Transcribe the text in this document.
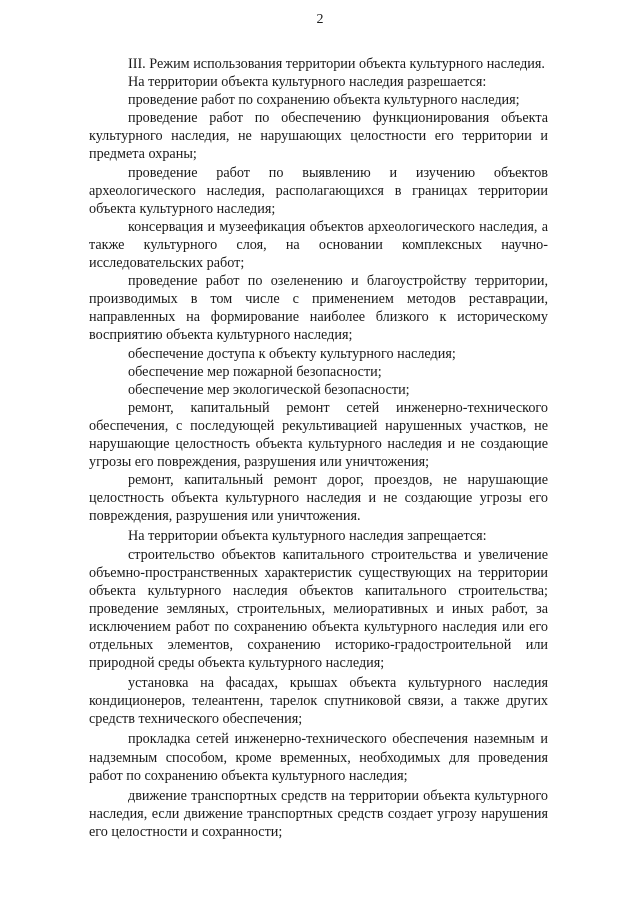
2

III. Режим использования территории объекта культурного наследия.

На территории объекта культурного наследия разрешается:

проведение работ по сохранению объекта культурного наследия;

проведение работ по обеспечению функционирования объекта культурного наследия, не нарушающих целостности его территории и предмета охраны;

проведение работ по выявлению и изучению объектов археологического наследия, располагающихся в границах территории объекта культурного наследия;

консервация и музеефикация объектов археологического наследия, а также культурного слоя, на основании комплексных научно-исследовательских работ;

проведение работ по озеленению и благоустройству территории, производимых в том числе с применением методов реставрации, направленных на формирование наиболее близкого к историческому восприятию объекта культурного наследия;

обеспечение доступа к объекту культурного наследия;

обеспечение мер пожарной безопасности;

обеспечение мер экологической безопасности;

ремонт, капитальный ремонт сетей инженерно-технического обеспечения, с последующей рекультивацией нарушенных участков, не нарушающие целостность объекта культурного наследия и не создающие угрозы его повреждения, разрушения или уничтожения;

ремонт, капитальный ремонт дорог, проездов, не нарушающие целостность объекта культурного наследия и не создающие угрозы его повреждения, разрушения или уничтожения.

На территории объекта культурного наследия запрещается:

строительство объектов капитального строительства и увеличение объемно-пространственных характеристик существующих на территории объекта культурного наследия объектов капитального строительства; проведение земляных, строительных, мелиоративных и иных работ, за исключением работ по сохранению объекта культурного наследия или его отдельных элементов, сохранению историко-градостроительной или природной среды объекта культурного наследия;

установка на фасадах, крышах объекта культурного наследия кондиционеров, телеантенн, тарелок спутниковой связи, а также других средств технического обеспечения;

прокладка сетей инженерно-технического обеспечения наземным и надземным способом, кроме временных, необходимых для проведения работ по сохранению объекта культурного наследия;

движение транспортных средств на территории объекта культурного наследия, если движение транспортных средств создает угрозу нарушения его целостности и сохранности;
